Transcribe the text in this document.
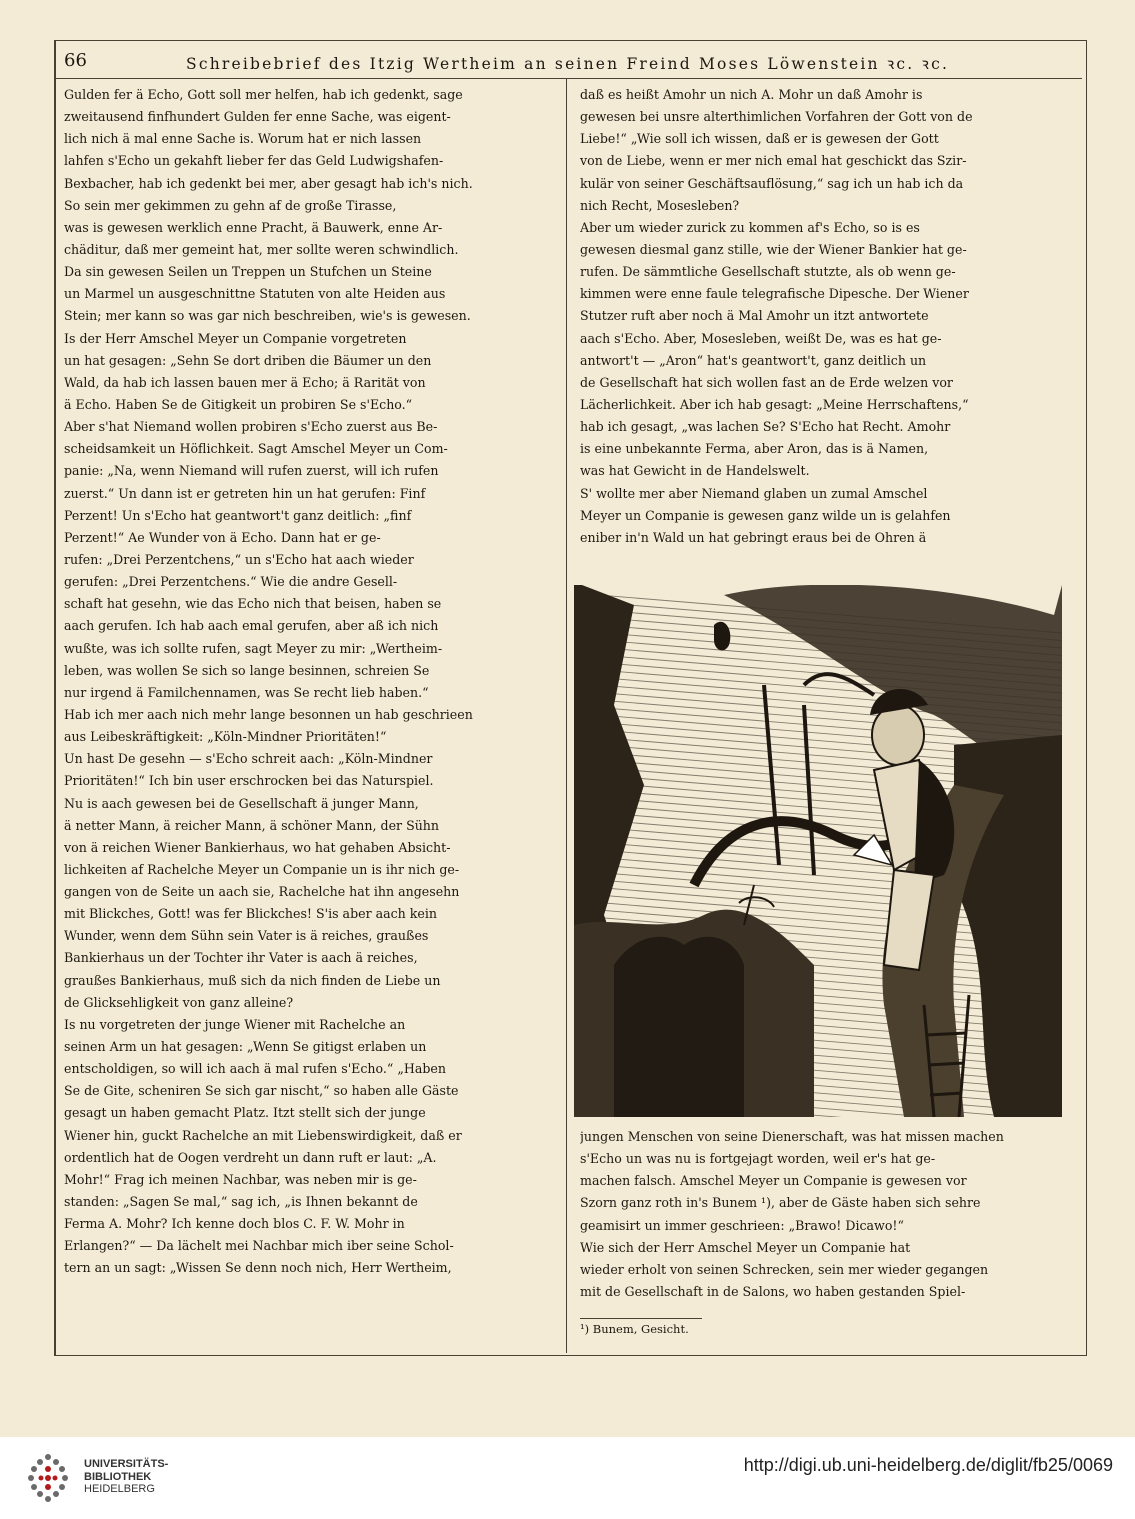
66	Schreibebrief des Itzig Wertheim an seinen Freind Moses Löwenstein ꝛc. ꝛc.
Gulden fer ä Echo, Gott soll mer helfen, hab ich gedenkt, sage
zweitausend finfhundert Gulden fer enne Sache, was eigent-
lich nich ä mal enne Sache is. Worum hat er nich lassen
lahfen s'Echo un gekahft lieber fer das Geld Ludwigshafen-
Bexbacher, hab ich gedenkt bei mer, aber gesagt hab ich's nich.
So sein mer gekimmen zu gehn af de große Tirasse,
was is gewesen werklich enne Pracht, ä Bauwerk, enne Ar-
chäditur, daß mer gemeint hat, mer sollte weren schwindlich.
Da sin gewesen Seilen un Treppen un Stufchen un Steine
un Marmel un ausgeschnittne Statuten von alte Heiden aus
Stein; mer kann so was gar nich beschreiben, wie's is gewesen.
Is der Herr Amschel Meyer un Companie vorgetreten
un hat gesagen: „Sehn Se dort driben die Bäumer un den
Wald, da hab ich lassen bauen mer ä Echo; ä Rarität von
ä Echo. Haben Se de Gitigkeit un probiren Se s'Echo.“
Aber s'hat Niemand wollen probiren s'Echo zuerst aus Be-
scheidsamkeit un Höflichkeit. Sagt Amschel Meyer un Com-
panie: „Na, wenn Niemand will rufen zuerst, will ich rufen
zuerst.“ Un dann ist er getreten hin un hat gerufen: Finf
Perzent! Un s'Echo hat geantwort't ganz deitlich: „finf
Perzent!“ Ae Wunder von ä Echo. Dann hat er ge-
rufen: „Drei Perzentchens,“ un s'Echo hat aach wieder
gerufen: „Drei Perzentchens.“ Wie die andre Gesell-
schaft hat gesehn, wie das Echo nich that beisen, haben se
aach gerufen. Ich hab aach emal gerufen, aber aß ich nich
wußte, was ich sollte rufen, sagt Meyer zu mir: „Wertheim-
leben, was wollen Se sich so lange besinnen, schreien Se
nur irgend ä Familchennamen, was Se recht lieb haben.“
Hab ich mer aach nich mehr lange besonnen un hab geschrieen
aus Leibeskräftigkeit: „Köln-Mindner Prioritäten!“
Un hast De gesehn — s'Echo schreit aach: „Köln-Mindner
Prioritäten!“ Ich bin user erschrocken bei das Naturspiel.
Nu is aach gewesen bei de Gesellschaft ä junger Mann,
ä netter Mann, ä reicher Mann, ä schöner Mann, der Sühn
von ä reichen Wiener Bankierhaus, wo hat gehaben Absicht-
lichkeiten af Rachelche Meyer un Companie un is ihr nich ge-
gangen von de Seite un aach sie, Rachelche hat ihn angesehn
mit Blickches, Gott! was fer Blickches! S'is aber aach kein
Wunder, wenn dem Sühn sein Vater is ä reiches, graußes
Bankierhaus un der Tochter ihr Vater is aach ä reiches,
graußes Bankierhaus, muß sich da nich finden de Liebe un
de Glicksehligkeit von ganz alleine?
Is nu vorgetreten der junge Wiener mit Rachelche an
seinen Arm un hat gesagen: „Wenn Se gitigst erlaben un
entscholdigen, so will ich aach ä mal rufen s'Echo.“ „Haben
Se de Gite, scheniren Se sich gar nischt,“ so haben alle Gäste
gesagt un haben gemacht Platz. Itzt stellt sich der junge
Wiener hin, guckt Rachelche an mit Liebenswirdigkeit, daß er
ordentlich hat de Oogen verdreht un dann ruft er laut: „A.
Mohr!“ Frag ich meinen Nachbar, was neben mir is ge-
standen: „Sagen Se mal,“ sag ich, „is Ihnen bekannt de
Ferma A. Mohr? Ich kenne doch blos C. F. W. Mohr in
Erlangen?“ — Da lächelt mei Nachbar mich iber seine Schol-
tern an un sagt: „Wissen Se denn noch nich, Herr Wertheim,
daß es heißt Amohr un nich A. Mohr un daß Amohr is
gewesen bei unsre alterthimlichen Vorfahren der Gott von de
Liebe!“ „Wie soll ich wissen, daß er is gewesen der Gott
von de Liebe, wenn er mer nich emal hat geschickt das Szir-
kulär von seiner Geschäftsauflösung,“ sag ich un hab ich da
nich Recht, Mosesleben?
Aber um wieder zurick zu kommen af's Echo, so is es
gewesen diesmal ganz stille, wie der Wiener Bankier hat ge-
rufen. De sämmtliche Gesellschaft stutzte, als ob wenn ge-
kimmen were enne faule telegrafische Dipesche. Der Wiener
Stutzer ruft aber noch ä Mal Amohr un itzt antwortete
aach s'Echo. Aber, Mosesleben, weißt De, was es hat ge-
antwort't — „Aron“ hat's geantwort't, ganz deitlich un
de Gesellschaft hat sich wollen fast an de Erde welzen vor
Lächerlichkeit. Aber ich hab gesagt: „Meine Herrschaftens,“
hab ich gesagt, „was lachen Se? S'Echo hat Recht. Amohr
is eine unbekannte Ferma, aber Aron, das is ä Namen,
was hat Gewicht in de Handelswelt.
S' wollte mer aber Niemand glaben un zumal Amschel
Meyer un Companie is gewesen ganz wilde un is gelahfen
eniber in'n Wald un hat gebringt eraus bei de Ohren ä
jungen Menschen von seine Dienerschaft, was hat missen machen
s'Echo un was nu is fortgejagt worden, weil er's hat ge-
machen falsch. Amschel Meyer un Companie is gewesen vor
Szorn ganz roth in's Bunem ¹), aber de Gäste haben sich sehre
geamisirt un immer geschrieen: „Brawo! Dicawo!“
Wie sich der Herr Amschel Meyer un Companie hat
wieder erholt von seinen Schrecken, sein mer wieder gegangen
mit de Gesellschaft in de Salons, wo haben gestanden Spiel-
¹) Bunem, Gesicht.
UNIVERSITÄTS-
BIBLIOTHEK
HEIDELBERG
http://digi.ub.uni-heidelberg.de/diglit/fb25/0069
